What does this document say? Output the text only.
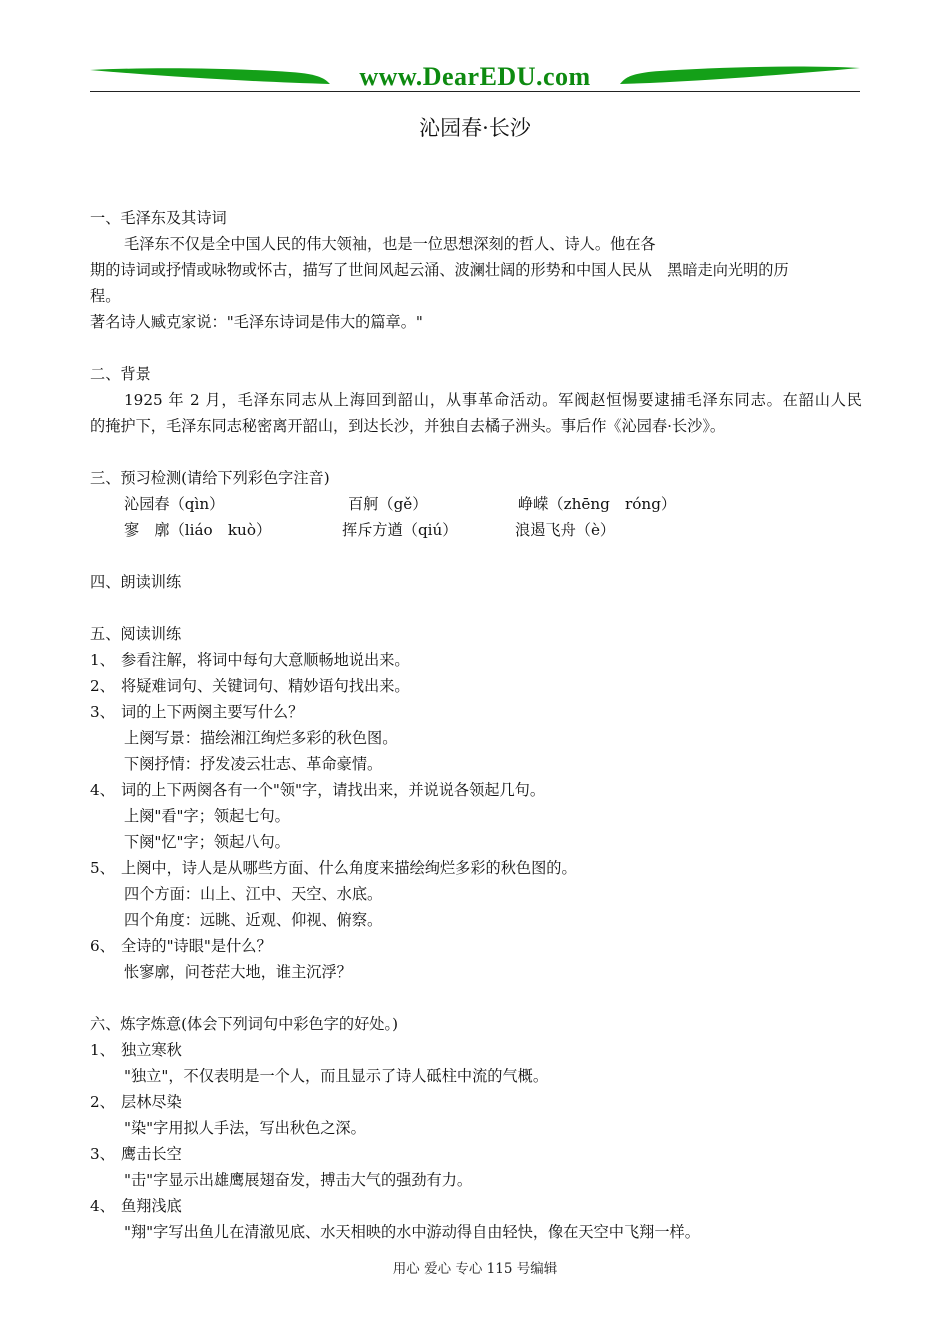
www.DearEDU.com
沁园春·长沙
一、毛泽东及其诗词
毛泽东不仅是全中国人民的伟大领袖，也是一位思想深刻的哲人、诗人。他在各
期的诗词或抒情或咏物或怀古，描写了世间风起云涌、波澜壮阔的形势和中国人民从　黑暗走向光明的历
程。
著名诗人臧克家说："毛泽东诗词是伟大的篇章。"
二、背景
1925 年 2 月，毛泽东同志从上海回到韶山，从事革命活动。军阀赵恒惕要逮捕毛泽东同志。在韶山人民
的掩护下，毛泽东同志秘密离开韶山，到达长沙，并独自去橘子洲头。事后作《沁园春·长沙》。
三、预习检测(请给下列彩色字注音)
沁园春（qìn）	百舸（gě）	峥嵘（zhēng　róng）
寥　廓（liáo　kuò）	挥斥方遒（qiú）	浪遏飞舟（è）
四、朗读训练
五、阅读训练
1、 参看注解，将词中每句大意顺畅地说出来。
2、 将疑难词句、关键词句、精妙语句找出来。
3、 词的上下两阕主要写什么？
上阕写景：描绘湘江绚烂多彩的秋色图。
下阕抒情：抒发凌云壮志、革命豪情。
4、 词的上下两阕各有一个"领"字，请找出来，并说说各领起几句。
上阕"看"字；领起七句。
下阕"忆"字；领起八句。
5、 上阕中，诗人是从哪些方面、什么角度来描绘绚烂多彩的秋色图的。
四个方面：山上、江中、天空、水底。
四个角度：远眺、近观、仰视、俯察。
6、 全诗的"诗眼"是什么？
怅寥廓，问苍茫大地，谁主沉浮？
六、炼字炼意(体会下列词句中彩色字的好处。)
1、 独立寒秋
"独立"，不仅表明是一个人，而且显示了诗人砥柱中流的气概。
2、 层林尽染
"染"字用拟人手法，写出秋色之深。
3、 鹰击长空
"击"字显示出雄鹰展翅奋发，搏击大气的强劲有力。
4、 鱼翔浅底
"翔"字写出鱼儿在清澈见底、水天相映的水中游动得自由轻快，像在天空中飞翔一样。
用心 爱心 专心 115 号编辑
